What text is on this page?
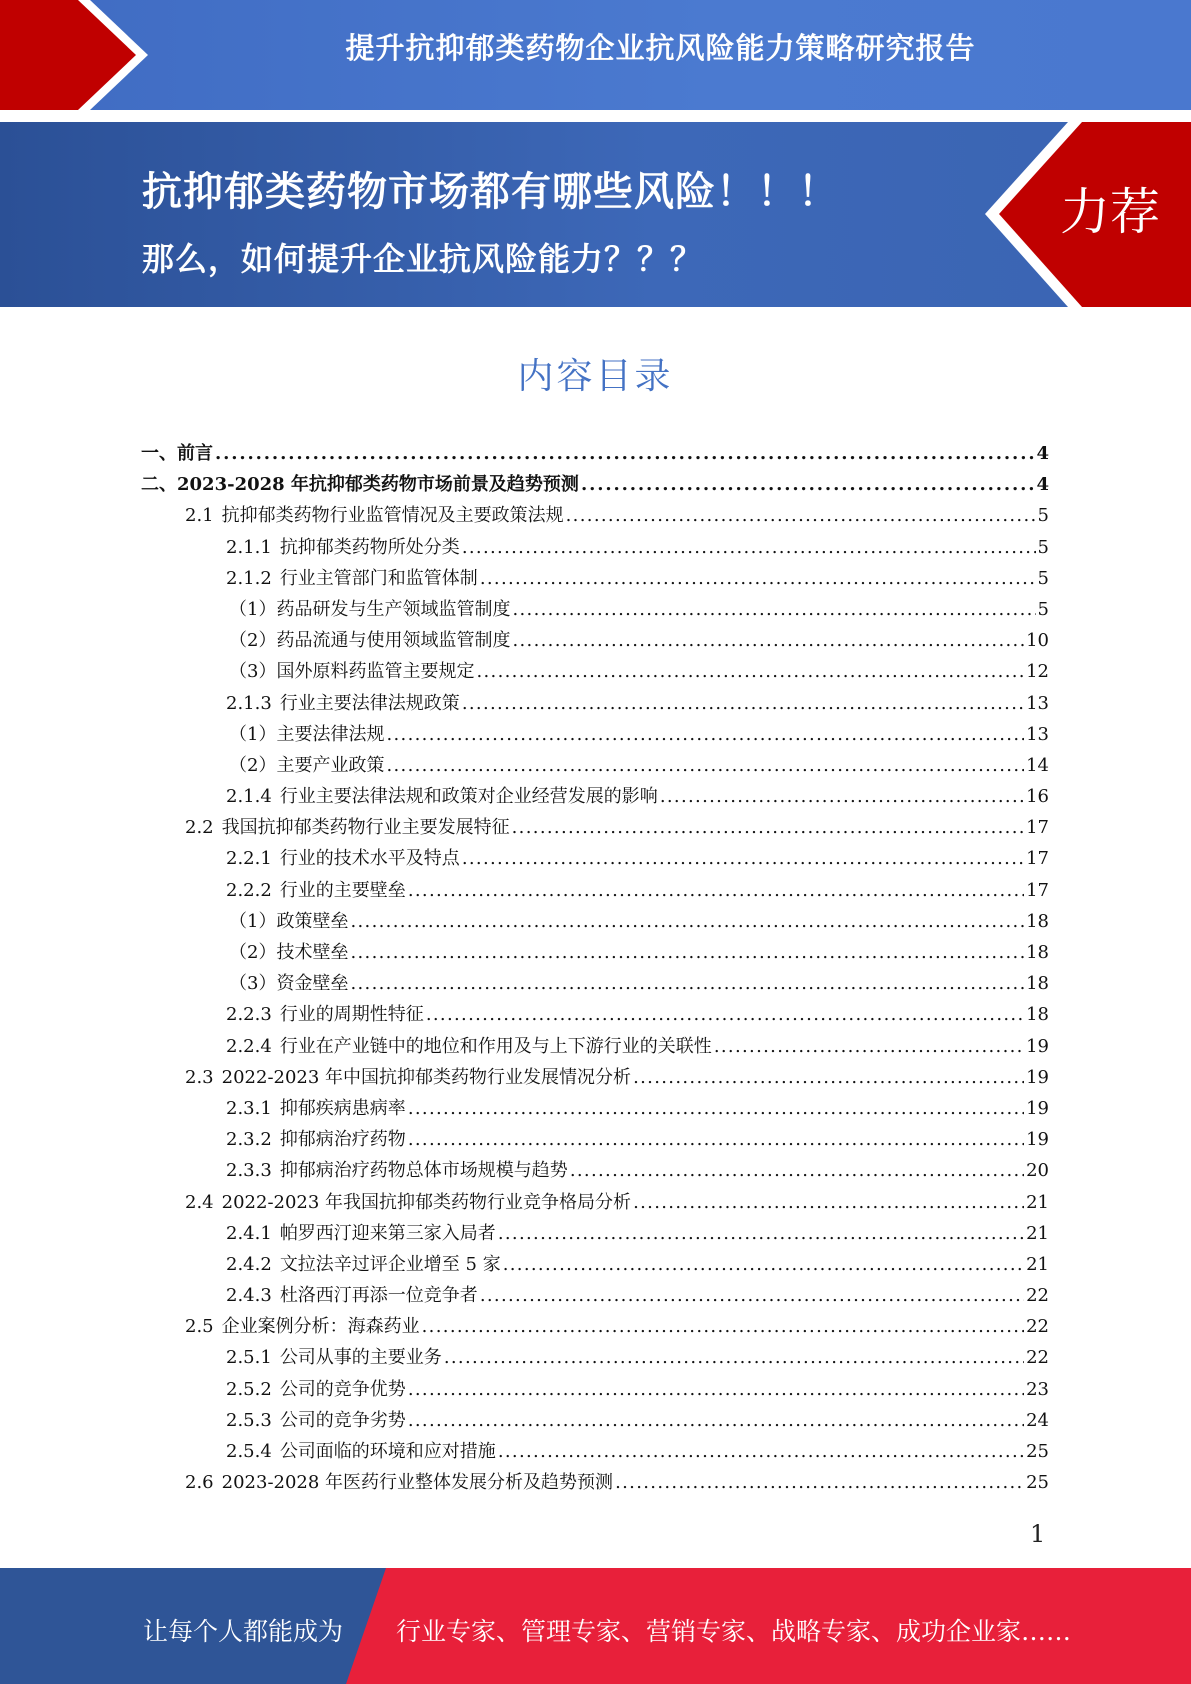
提升抗抑郁类药物企业抗风险能力策略研究报告
抗抑郁类药物市场都有哪些风险！！！
那么，如何提升企业抗风险能力？？？
力荐
内容目录
一、 前言 . . .	4
二、 2023-2028 年抗抑郁类药物市场前景及趋势预测 . . .	4
2.1 抗抑郁类药物行业监管情况及主要政策法规 . . .	5
2.1.1 抗抑郁类药物所处分类 . . .	5
2.1.2 行业主管部门和监管体制 . . .	5
（1） 药品研发与生产领域监管制度 . . .	5
（2） 药品流通与使用领域监管制度 . . .	10
（3） 国外原料药监管主要规定 . . .	12
2.1.3 行业主要法律法规政策 . . .	13
（1） 主要法律法规 . . .	13
（2） 主要产业政策 . . .	14
2.1.4 行业主要法律法规和政策对企业经营发展的影响 . . .	16
2.2 我国抗抑郁类药物行业主要发展特征 . . .	17
2.2.1 行业的技术水平及特点 . . .	17
2.2.2 行业的主要壁垒 . . .	17
（1） 政策壁垒 . . .	18
（2） 技术壁垒 . . .	18
（3） 资金壁垒 . . .	18
2.2.3 行业的周期性特征 . . .	18
2.2.4 行业在产业链中的地位和作用及与上下游行业的关联性 . . .	19
2.3 2022-2023 年中国抗抑郁类药物行业发展情况分析 . . .	19
2.3.1 抑郁疾病患病率 . . .	19
2.3.2 抑郁病治疗药物 . . .	19
2.3.3 抑郁病治疗药物总体市场规模与趋势 . . .	20
2.4 2022-2023 年我国抗抑郁类药物行业竞争格局分析 . . .	21
2.4.1 帕罗西汀迎来第三家入局者 . . .	21
2.4.2 文拉法辛过评企业增至 5 家 . . .	21
2.4.3 杜洛西汀再添一位竞争者 . . .	22
2.5 企业案例分析：海森药业 . . .	22
2.5.1 公司从事的主要业务 . . .	22
2.5.2 公司的竞争优势 . . .	23
2.5.3 公司的竞争劣势 . . .	24
2.5.4 公司面临的环境和应对措施 . . .	25
2.6 2023-2028 年医药行业整体发展分析及趋势预测 . . .	25
1
让每个人都能成为 行业专家、管理专家、营销专家、战略专家、成功企业家……
